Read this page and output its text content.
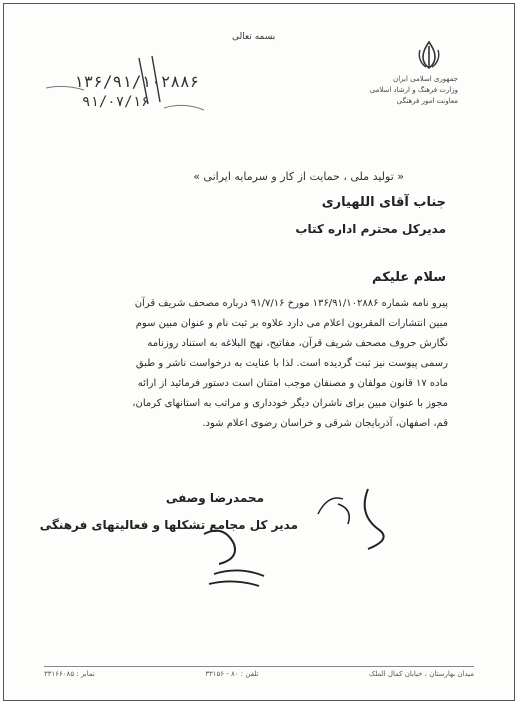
جمهوری اسلامی ایران
وزارت فرهنگ و ارشاد اسلامی
معاونت امور فرهنگی
بسمه تعالی
۱۳۶/۹۱/۱۰۲۸۸۶
۹۱/۰۷/۱۶
« تولید ملی ، حمایت از کار و سرمایه ایرانی »
جناب آقای اللهیاری
مدیرکل محترم اداره کتاب
سلام علیکم

پیرو نامه شماره ۱۳۶/۹۱/۱۰۲۸۸۶ مورخ ۹۱/۷/۱۶ درباره مصحف شریف قرآن

مبین انتشارات المقربون اعلام می دارد علاوه بر ثبت نام و عنوان مبین سوم

نگارش حروف مصحف شریف قرآن، مفاتیح، نهج البلاغه به استناد روزنامه

رسمی پیوست نیز ثبت گردیده است. لذا با عنایت به درخواست ناشر و طبق

ماده ۱۷ قانون مولفان و مصنفان موجب امتنان است دستور فرمائید از ارائه

مجوز با عنوان مبین برای ناشران دیگر خودداری و مراتب به استانهای کرمان،

قم، اصفهان، آذربایجان شرقی و خراسان رضوی اعلام شود.

محمدرضا وصفی
مدیر کل مجامع تشکلها و فعالیتهای فرهنگی
میدان بهارستان ، خیابان کمال الملک
تلفن : ۸۰ - ۳۳۱۵۶
نمابر : ۳۳۱۶۶۰۸۵
